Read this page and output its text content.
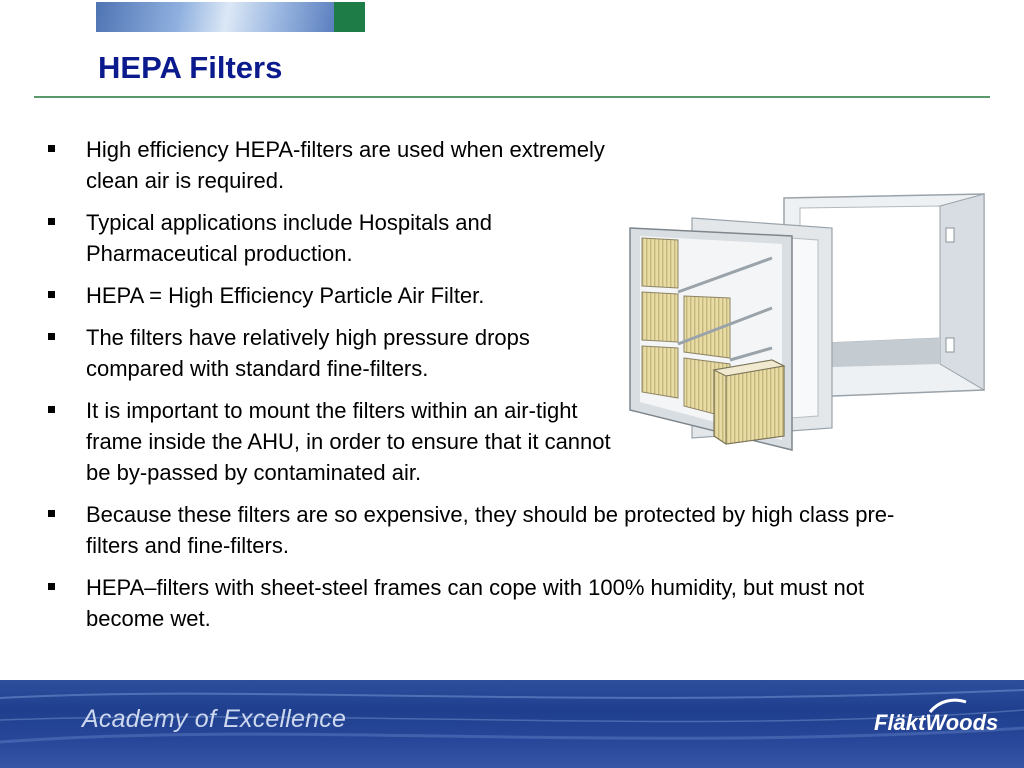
HEPA Filters
High efficiency HEPA-filters are used when extremely clean air is required.
Typical applications include Hospitals and Pharmaceutical production.
HEPA = High Efficiency Particle Air Filter.
The filters have relatively high pressure drops compared with standard fine-filters.
It is important to mount the filters within an air-tight frame inside the AHU, in order to ensure that it cannot be by-passed by contaminated air.
Because these filters are so expensive, they should be protected by high class pre-filters and fine-filters.
HEPA–filters with sheet-steel frames can cope with 100% humidity, but must not become wet.
Academy of Excellence	FläktWoods
